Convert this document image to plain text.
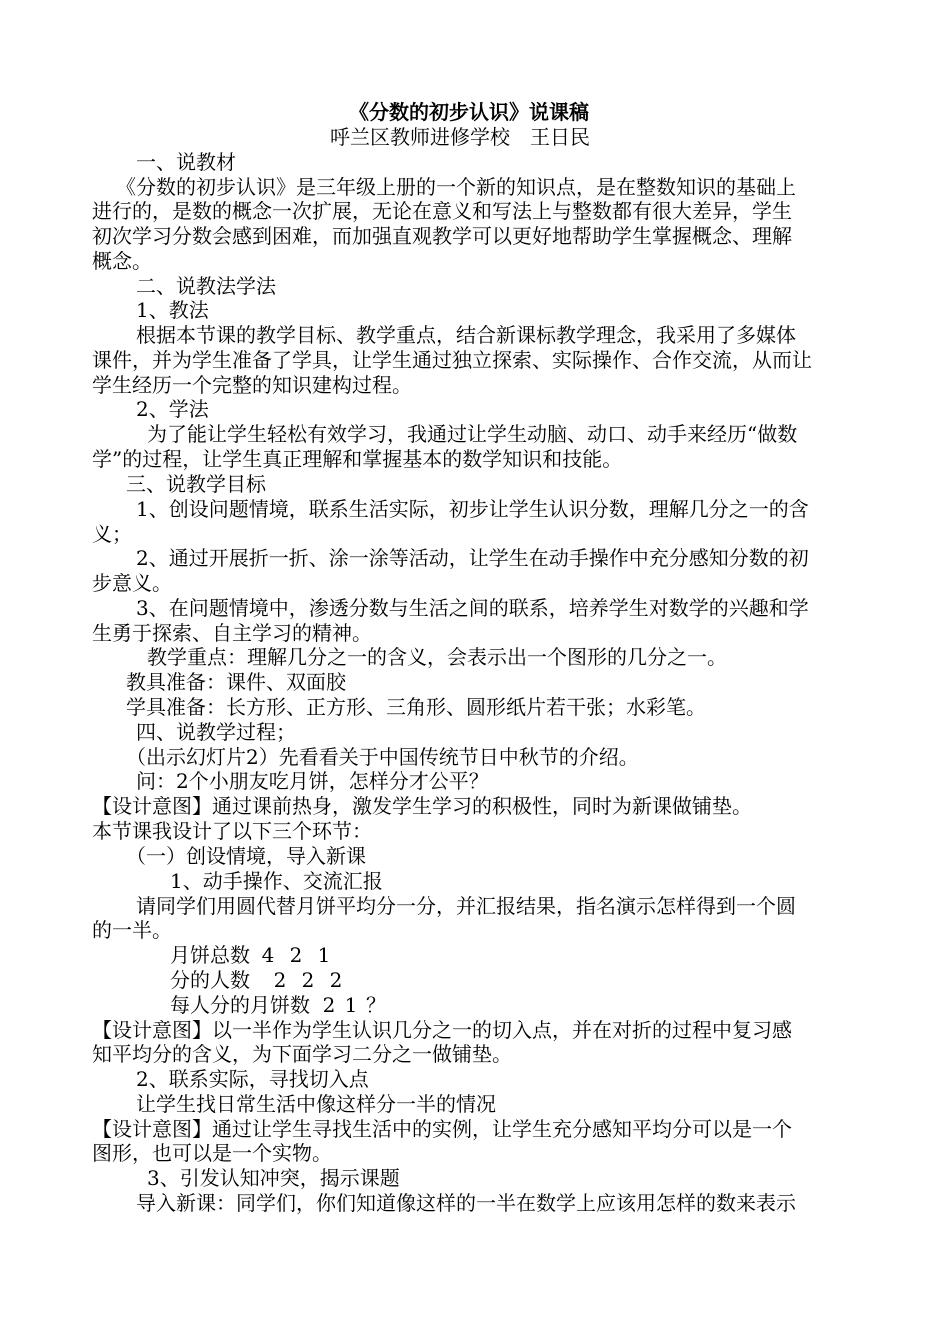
《分数的初步认识》说课稿
呼兰区教师进修学校　王日民
一、说教材
《分数的初步认识》是三年级上册的一个新的知识点，是在整数知识的基础上
进行的，是数的概念一次扩展，无论在意义和写法上与整数都有很大差异，学生
初次学习分数会感到困难，而加强直观教学可以更好地帮助学生掌握概念、理解
概念。
二、说教法学法
1、教法
根据本节课的教学目标、教学重点，结合新课标教学理念，我采用了多媒体
课件，并为学生准备了学具，让学生通过独立探索、实际操作、合作交流，从而让
学生经历一个完整的知识建构过程。
2、学法
为了能让学生轻松有效学习，我通过让学生动脑、动口、动手来经历“做数
学”的过程，让学生真正理解和掌握基本的数学知识和技能。
三、说教学目标
1、创设问题情境，联系生活实际，初步让学生认识分数，理解几分之一的含
义；
2、通过开展折一折、涂一涂等活动，让学生在动手操作中充分感知分数的初
步意义。
3、在问题情境中，渗透分数与生活之间的联系，培养学生对数学的兴趣和学
生勇于探索、自主学习的精神。
教学重点：理解几分之一的含义，会表示出一个图形的几分之一。
教具准备：课件、双面胶
学具准备：长方形、正方形、三角形、圆形纸片若干张；水彩笔。
四、说教学过程；
（出示幻灯片2）先看看关于中国传统节日中秋节的介绍。
问：2个小朋友吃月饼，怎样分才公平？
【设计意图】通过课前热身，激发学生学习的积极性，同时为新课做铺垫。
本节课我设计了以下三个环节：
（一）创设情境，导入新课
1、动手操作、交流汇报
请同学们用圆代替月饼平均分一分，并汇报结果，指名演示怎样得到一个圆
的一半。
月饼总数 4 2 1
分的人数 2 2 2
每人分的月饼数 2 1 ？
【设计意图】以一半作为学生认识几分之一的切入点，并在对折的过程中复习感
知平均分的含义，为下面学习二分之一做铺垫。
2、联系实际，寻找切入点
让学生找日常生活中像这样分一半的情况
【设计意图】通过让学生寻找生活中的实例，让学生充分感知平均分可以是一个
图形，也可以是一个实物。
3、引发认知冲突，揭示课题
导入新课：同学们，你们知道像这样的一半在数学上应该用怎样的数来表示
